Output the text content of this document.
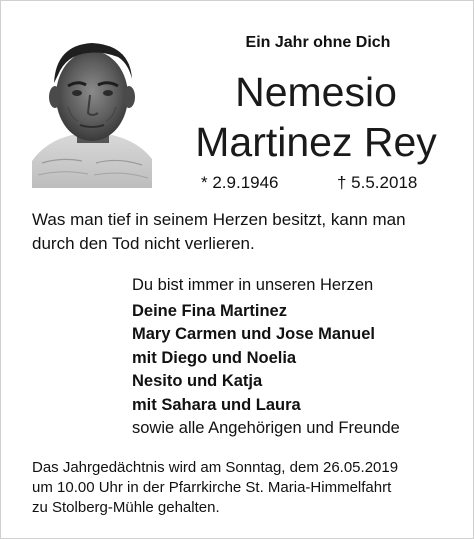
Ein Jahr ohne Dich
Nemesio
Martinez Rey
* 2.9.1946	† 5.5.2018
Was man tief in seinem Herzen besitzt, kann man
durch den Tod nicht verlieren.
Du bist immer in unseren Herzen
Deine Fina Martinez
Mary Carmen und Jose Manuel
mit Diego und Noelia
Nesito und Katja
mit Sahara und Laura
sowie alle Angehörigen und Freunde
Das Jahrgedächtnis wird am Sonntag, dem 26.05.2019
um 10.00 Uhr in der Pfarrkirche St. Maria-Himmelfahrt
zu Stolberg-Mühle gehalten.
